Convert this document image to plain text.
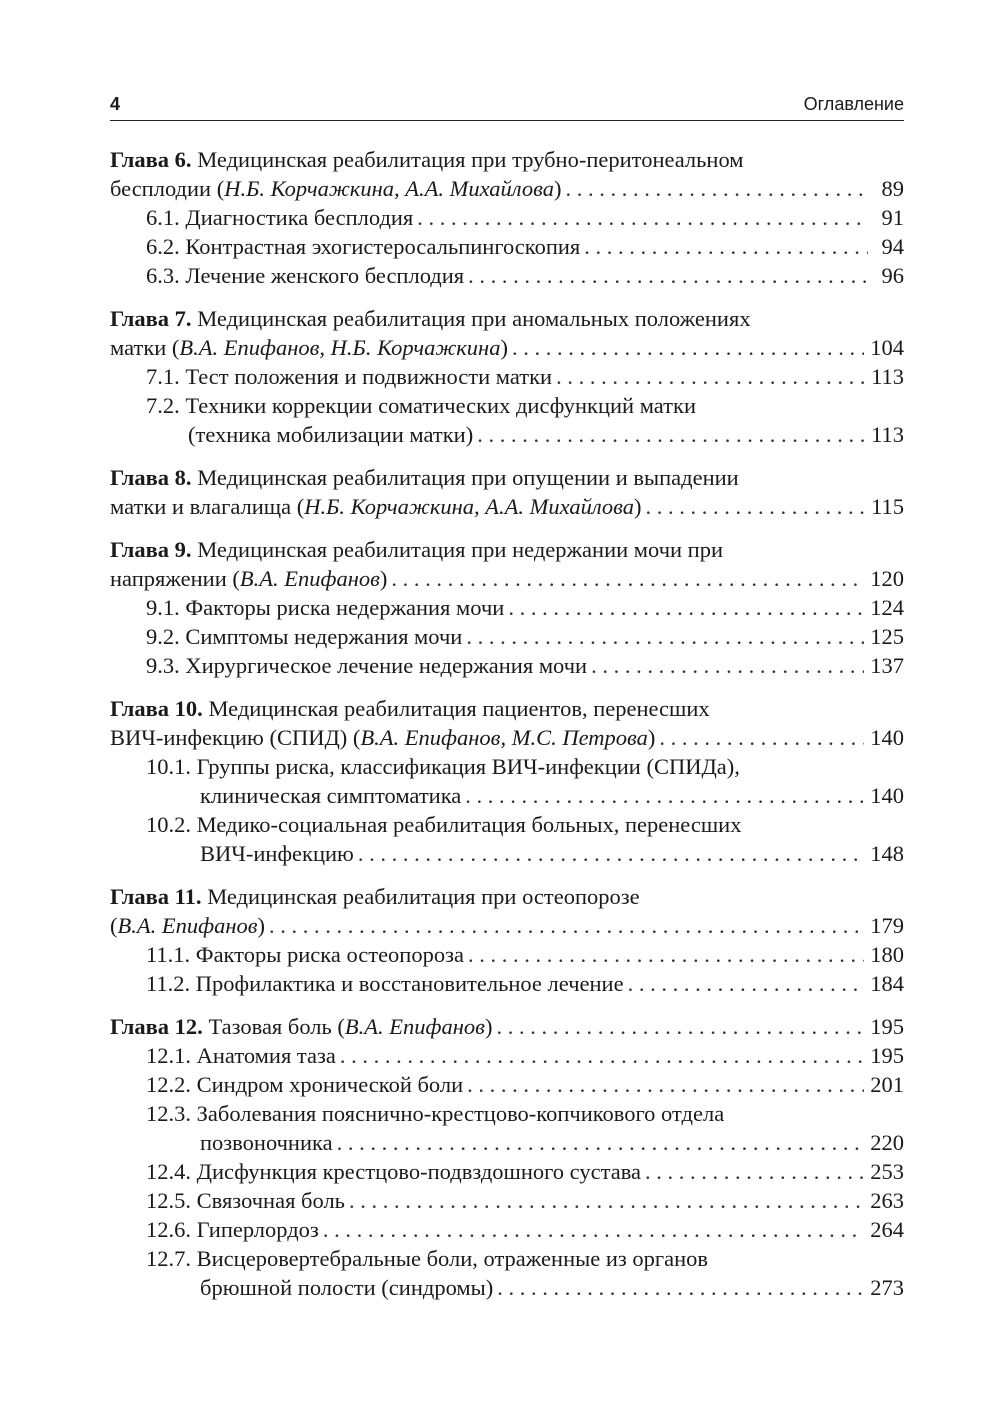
4	Оглавление
Глава 6. Медицинская реабилитация при трубно-перитонеальном
бесплодии (Н.Б. Корчажкина, А.А. Михайлова) . . .	89
6.1. Диагностика бесплодия . . .	91
6.2. Контрастная эхогистеросальпингоскопия . . .	94
6.3. Лечение женского бесплодия . . .	96
Глава 7. Медицинская реабилитация при аномальных положениях
матки (В.А. Епифанов, Н.Б. Корчажкина) . . .	104
7.1. Тест положения и подвижности матки . . .	113
7.2. Техники коррекции соматических дисфункций матки
(техника мобилизации матки) . . .	113
Глава 8. Медицинская реабилитация при опущении и выпадении
матки и влагалища (Н.Б. Корчажкина, А.А. Михайлова) . . .	115
Глава 9. Медицинская реабилитация при недержании мочи при
напряжении (В.А. Епифанов) . . .	120
9.1. Факторы риска недержания мочи . . .	124
9.2. Симптомы недержания мочи . . .	125
9.3. Хирургическое лечение недержания мочи . . .	137
Глава 10. Медицинская реабилитация пациентов, перенесших
ВИЧ-инфекцию (СПИД) (В.А. Епифанов, М.С. Петрова) . . .	140
10.1. Группы риска, классификация ВИЧ-инфекции (СПИДа),
клиническая симптоматика . . .	140
10.2. Медико-социальная реабилитация больных, перенесших
ВИЧ-инфекцию . . .	148
Глава 11. Медицинская реабилитация при остеопорозе
(В.А. Епифанов) . . .	179
11.1. Факторы риска остеопороза . . .	180
11.2. Профилактика и восстановительное лечение . . .	184
Глава 12. Тазовая боль (В.А. Епифанов) . . .	195
12.1. Анатомия таза . . .	195
12.2. Синдром хронической боли . . .	201
12.3. Заболевания пояснично-крестцово-копчикового отдела
позвоночника . . .	220
12.4. Дисфункция крестцово-подвздошного сустава . . .	253
12.5. Связочная боль . . .	263
12.6. Гиперлордоз . . .	264
12.7. Висцеровертебральные боли, отраженные из органов
брюшной полости (синдромы) . . .	273
